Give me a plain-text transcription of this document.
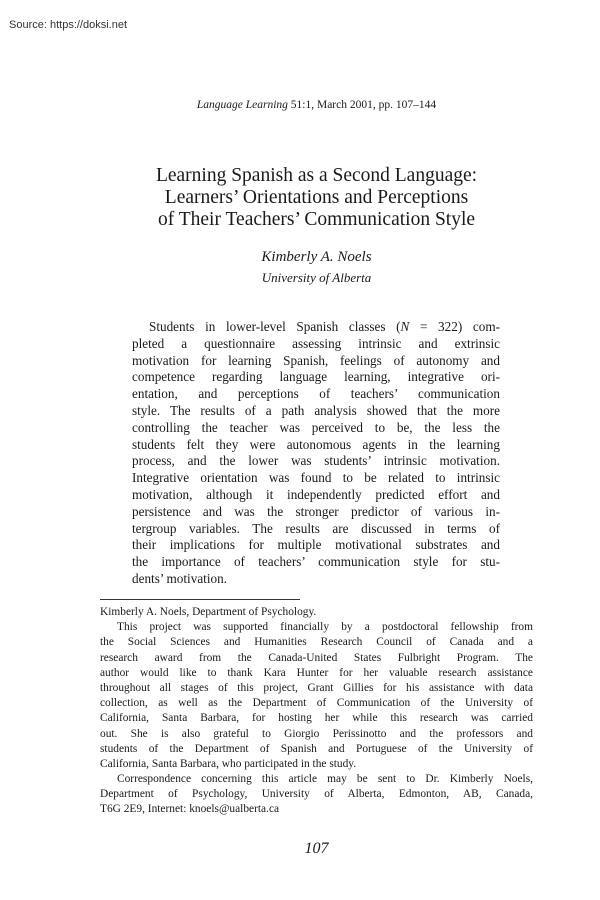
Source: https://doksi.net
Language Learning 51:1, March 2001, pp. 107–144
Learning Spanish as a Second Language:
Learners’ Orientations and Perceptions
of Their Teachers’ Communication Style
Kimberly A. Noels
University of Alberta
Students in lower-level Spanish classes (N = 322) com-
pleted a questionnaire assessing intrinsic and extrinsic
motivation for learning Spanish, feelings of autonomy and
competence regarding language learning, integrative ori-
entation, and perceptions of teachers’ communication
style. The results of a path analysis showed that the more
controlling the teacher was perceived to be, the less the
students felt they were autonomous agents in the learning
process, and the lower was students’ intrinsic motivation.
Integrative orientation was found to be related to intrinsic
motivation, although it independently predicted effort and
persistence and was the stronger predictor of various in-
tergroup variables. The results are discussed in terms of
their implications for multiple motivational substrates and
the importance of teachers’ communication style for stu-
dents’ motivation.
Kimberly A. Noels, Department of Psychology.
This project was supported financially by a postdoctoral fellowship from
the Social Sciences and Humanities Research Council of Canada and a
research award from the Canada-United States Fulbright Program. The
author would like to thank Kara Hunter for her valuable research assistance
throughout all stages of this project, Grant Gillies for his assistance with data
collection, as well as the Department of Communication of the University of
California, Santa Barbara, for hosting her while this research was carried
out. She is also grateful to Giorgio Perissinotto and the professors and
students of the Department of Spanish and Portuguese of the University of
California, Santa Barbara, who participated in the study.
Correspondence concerning this article may be sent to Dr. Kimberly Noels,
Department of Psychology, University of Alberta, Edmonton, AB, Canada,
T6G 2E9, Internet: knoels@ualberta.ca
107
